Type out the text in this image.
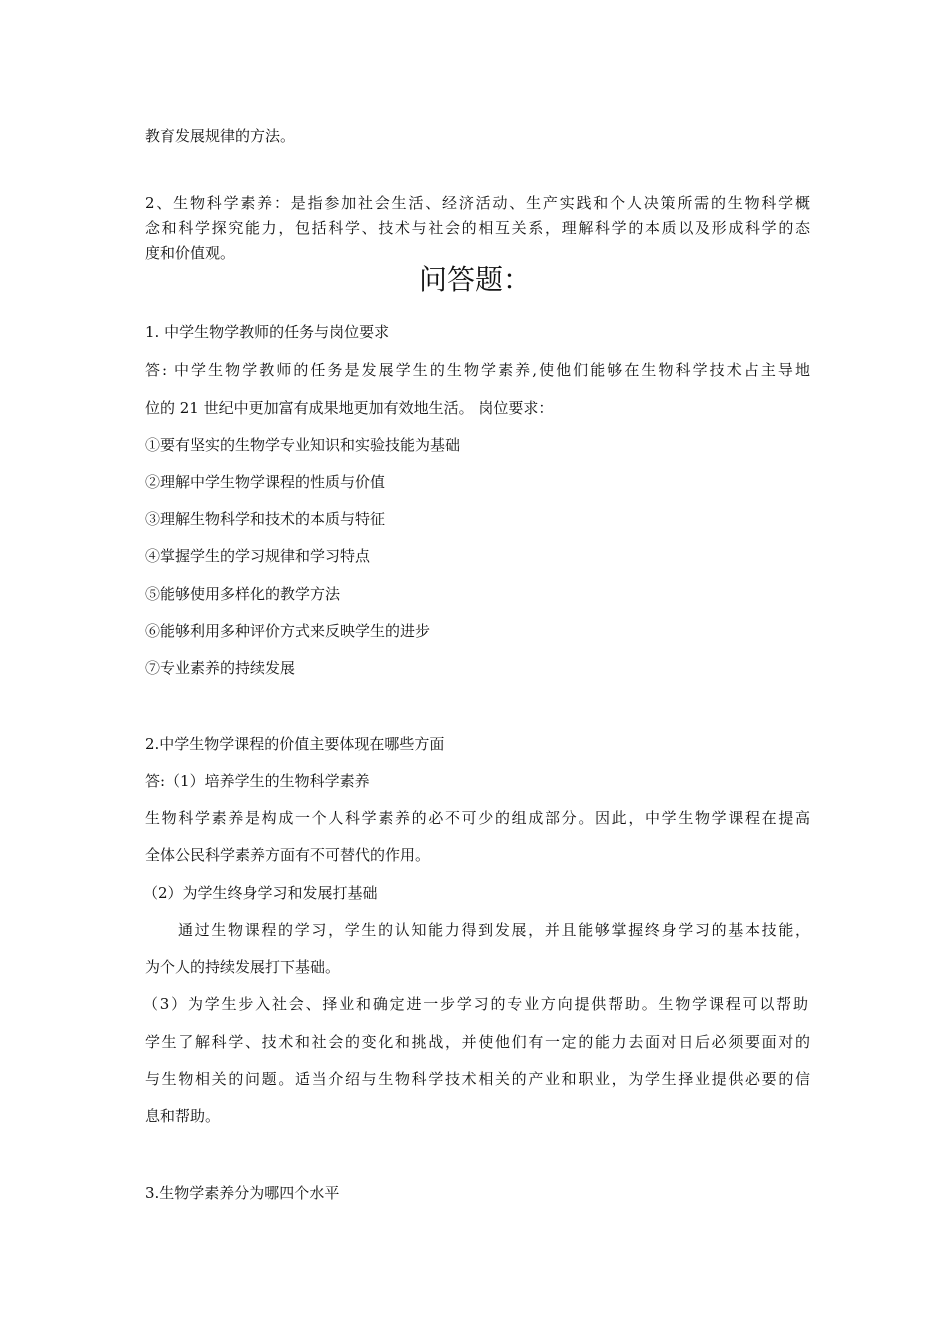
教育发展规律的方法。
2、生物科学素养：是指参加社会生活、经济活动、生产实践和个人决策所需的生物科学概
念和科学探究能力，包括科学、技术与社会的相互关系，理解科学的本质以及形成科学的态
度和价值观。
问答题：
1. 中学生物学教师的任务与岗位要求
答: 中学生物学教师的任务是发展学生的生物学素养,使他们能够在生物科学技术占主导地
位的 21 世纪中更加富有成果地更加有效地生活。 岗位要求：
①要有坚实的生物学专业知识和实验技能为基础
②理解中学生物学课程的性质与价值
③理解生物科学和技术的本质与特征
④掌握学生的学习规律和学习特点
⑤能够使用多样化的教学方法
⑥能够利用多种评价方式来反映学生的进步
⑦专业素养的持续发展
2.中学生物学课程的价值主要体现在哪些方面
答:（1）培养学生的生物科学素养
生物科学素养是构成一个人科学素养的必不可少的组成部分。因此，中学生物学课程在提高
全体公民科学素养方面有不可替代的作用。
（2）为学生终身学习和发展打基础
通过生物课程的学习，学生的认知能力得到发展，并且能够掌握终身学习的基本技能，
为个人的持续发展打下基础。
（3）为学生步入社会、择业和确定进一步学习的专业方向提供帮助。生物学课程可以帮助
学生了解科学、技术和社会的变化和挑战，并使他们有一定的能力去面对日后必须要面对的
与生物相关的问题。适当介绍与生物科学技术相关的产业和职业，为学生择业提供必要的信
息和帮助。
3.生物学素养分为哪四个水平
